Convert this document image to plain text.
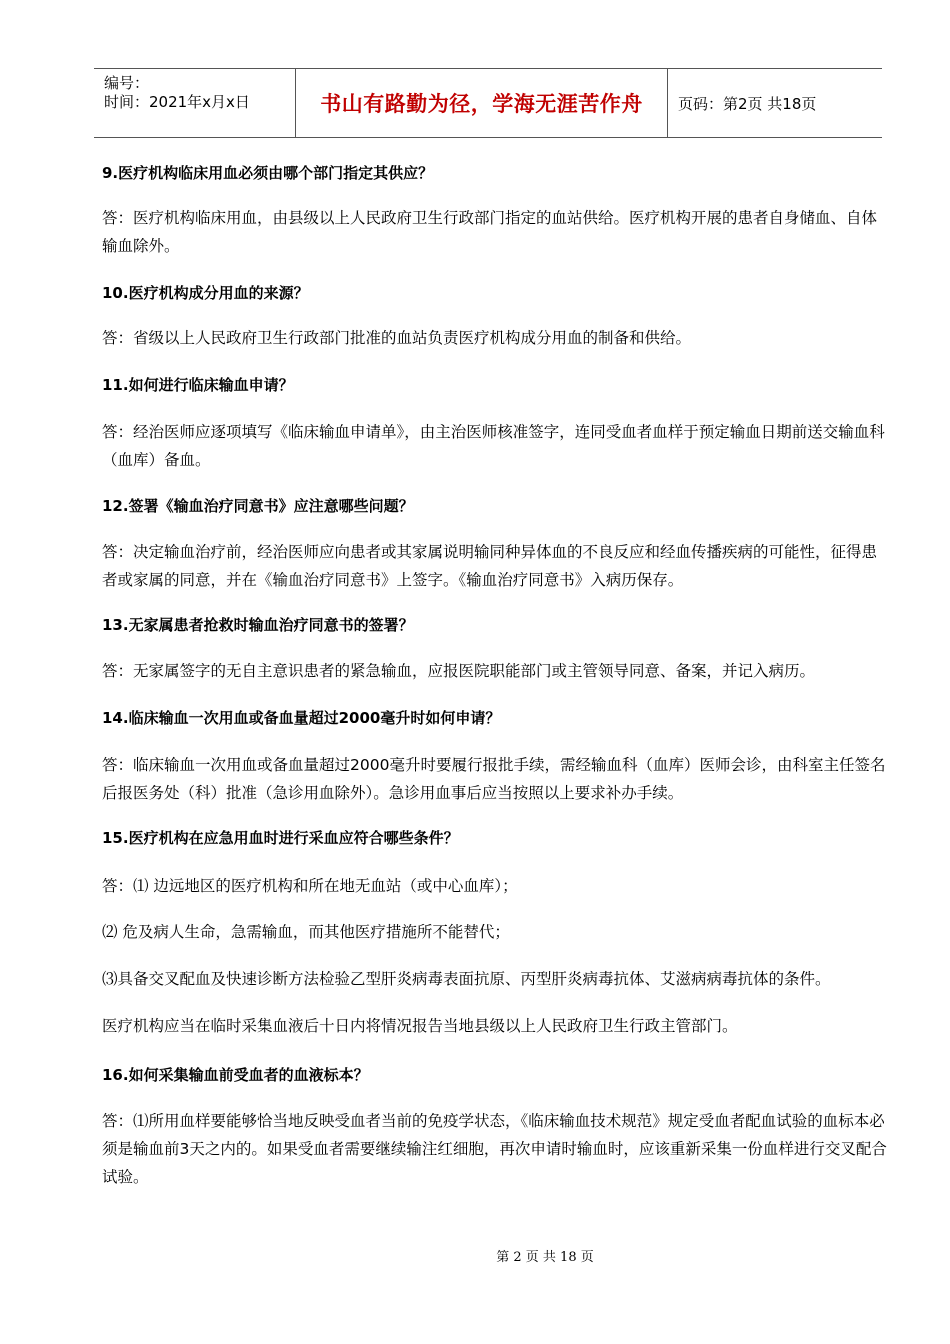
编号：
时间：2021年x月x日	书山有路勤为径，学海无涯苦作舟 页码：第2页 共18页
9.医疗机构临床用血必须由哪个部门指定其供应？
答：医疗机构临床用血，由县级以上人民政府卫生行政部门指定的血站供给。医疗机构开展的患者自身储血、自体输血除外。
10.医疗机构成分用血的来源？
答：省级以上人民政府卫生行政部门批准的血站负责医疗机构成分用血的制备和供给。
11.如何进行临床输血申请？
答：经治医师应逐项填写《临床输血申请单》，由主治医师核准签字，连同受血者血样于预定输血日期前送交输血科（血库）备血。
12.签署《输血治疗同意书》应注意哪些问题？
答：决定输血治疗前，经治医师应向患者或其家属说明输同种异体血的不良反应和经血传播疾病的可能性，征得患者或家属的同意，并在《输血治疗同意书》上签字。《输血治疗同意书》入病历保存。
13.无家属患者抢救时输血治疗同意书的签署？
答：无家属签字的无自主意识患者的紧急输血，应报医院职能部门或主管领导同意、备案，并记入病历。
14.临床输血一次用血或备血量超过2000毫升时如何申请？
答：临床输血一次用血或备血量超过2000毫升时要履行报批手续，需经输血科（血库）医师会诊，由科室主任签名后报医务处（科）批准（急诊用血除外）。急诊用血事后应当按照以上要求补办手续。
15.医疗机构在应急用血时进行采血应符合哪些条件？
答：⑴ 边远地区的医疗机构和所在地无血站（或中心血库）；
⑵ 危及病人生命，急需输血，而其他医疗措施所不能替代；
⑶具备交叉配血及快速诊断方法检验乙型肝炎病毒表面抗原、丙型肝炎病毒抗体、艾滋病病毒抗体的条件。
医疗机构应当在临时采集血液后十日内将情况报告当地县级以上人民政府卫生行政主管部门。
16.如何采集输血前受血者的血液标本？
答：⑴所用血样要能够恰当地反映受血者当前的免疫学状态，《临床输血技术规范》规定受血者配血试验的血标本必须是输血前3天之内的。如果受血者需要继续输注红细胞，再次申请时输血时，应该重新采集一份血样进行交叉配合试验。
第 2 页 共 18 页
